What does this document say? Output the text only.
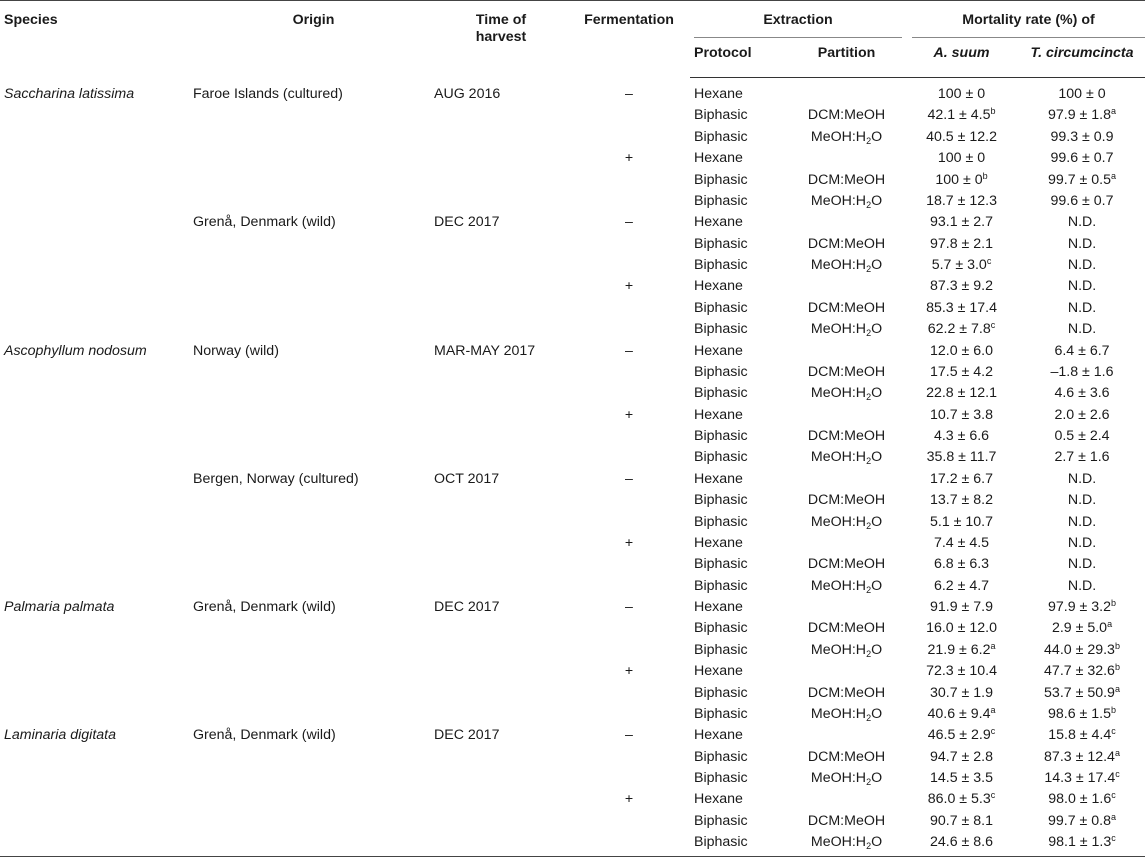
Species	Origin	Time of
harvest	Fermentation	Extraction		Mortality rate (%) of	

				Protocol	Partition	A. suum	T. circumcincta
Saccharina latissima	Faroe Islands (cultured)	AUG 2016	–	Hexane		100 ± 0	100 ± 0
				Biphasic	DCM:MeOH	42.1 ± 4.5$^b$	97.9 ± 1.8$^a$
				Biphasic	$MeOH:H_2O$	40.5 ± 12.2	99.3 ± 0.9
			+	Hexane		100 ± 0	99.6 ± 0.7
				Biphasic	DCM:MeOH	$100 \pm 0^b$	99.7 ± 0.5$^a$
				Biphasic	$MeOH:H_2O$	18.7 ± 12.3	99.6 ± 0.7
	Grenå, Denmark (wild)	DEC 2017	–	Hexane		93.1 ± 2.7	N.D.
				Biphasic	DCM:MeOH	97.8 ± 2.1	N.D.
				Biphasic	$MeOH:H_2O$	5.7 ± 3.0$^c$	N.D.
			+	Hexane		87.3 ± 9.2	N.D.
				Biphasic	DCM:MeOH	85.3 ± 17.4	N.D.
				Biphasic	$MeOH:H_2O$	62.2 ± 7.8$^c$	N.D.
Ascophyllum nodosum	Norway (wild)	MAR-MAY 2017	–	Hexane		12.0 ± 6.0	6.4 ± 6.7
				Biphasic	DCM:MeOH	17.5 ± 4.2	–1.8 ± 1.6
				Biphasic	$MeOH:H_2O$	22.8 ± 12.1	4.6 ± 3.6
			+	Hexane		10.7 ± 3.8	2.0 ± 2.6
				Biphasic	DCM:MeOH	4.3 ± 6.6	0.5 ± 2.4
				Biphasic	$MeOH:H_2O$	35.8 ± 11.7	2.7 ± 1.6
	Bergen, Norway (cultured)	OCT 2017	–	Hexane		17.2 ± 6.7	N.D.
				Biphasic	DCM:MeOH	13.7 ± 8.2	N.D.
				Biphasic	$MeOH:H_2O$	5.1 ± 10.7	N.D.
			+	Hexane		7.4 ± 4.5	N.D.
				Biphasic	DCM:MeOH	6.8 ± 6.3	N.D.
				Biphasic	$MeOH:H_2O$	6.2 ± 4.7	N.D.
Palmaria palmata	Grenå, Denmark (wild)	DEC 2017	–	Hexane		91.9 ± 7.9	97.9 ± 3.2$^b$
				Biphasic	DCM:MeOH	16.0 ± 12.0	2.9 ± 5.0$^a$
				Biphasic	$MeOH:H_2O$	21.9 ± 6.2$^a$	44.0 ± 29.3$^b$
			+	Hexane		72.3 ± 10.4	47.7 ± 32.6$^b$
				Biphasic	DCM:MeOH	30.7 ± 1.9	53.7 ± 50.9$^a$
				Biphasic	$MeOH:H_2O$	40.6 ± 9.4$^a$	98.6 ± 1.5$^b$
Laminaria digitata	Grenå, Denmark (wild)	DEC 2017	–	Hexane		46.5 ± 2.9$^c$	15.8 ± 4.4$^c$
				Biphasic	DCM:MeOH	94.7 ± 2.8	87.3 ± 12.4$^a$
				Biphasic	$MeOH:H_2O$	14.5 ± 3.5	14.3 ± 17.4$^c$
			+	Hexane		86.0 ± 5.3$^c$	98.0 ± 1.6$^c$
				Biphasic	DCM:MeOH	90.7 ± 8.1	99.7 ± 0.8$^a$
				Biphasic	$MeOH:H_2O$	24.6 ± 8.6	98.1 ± 1.3$^c$
